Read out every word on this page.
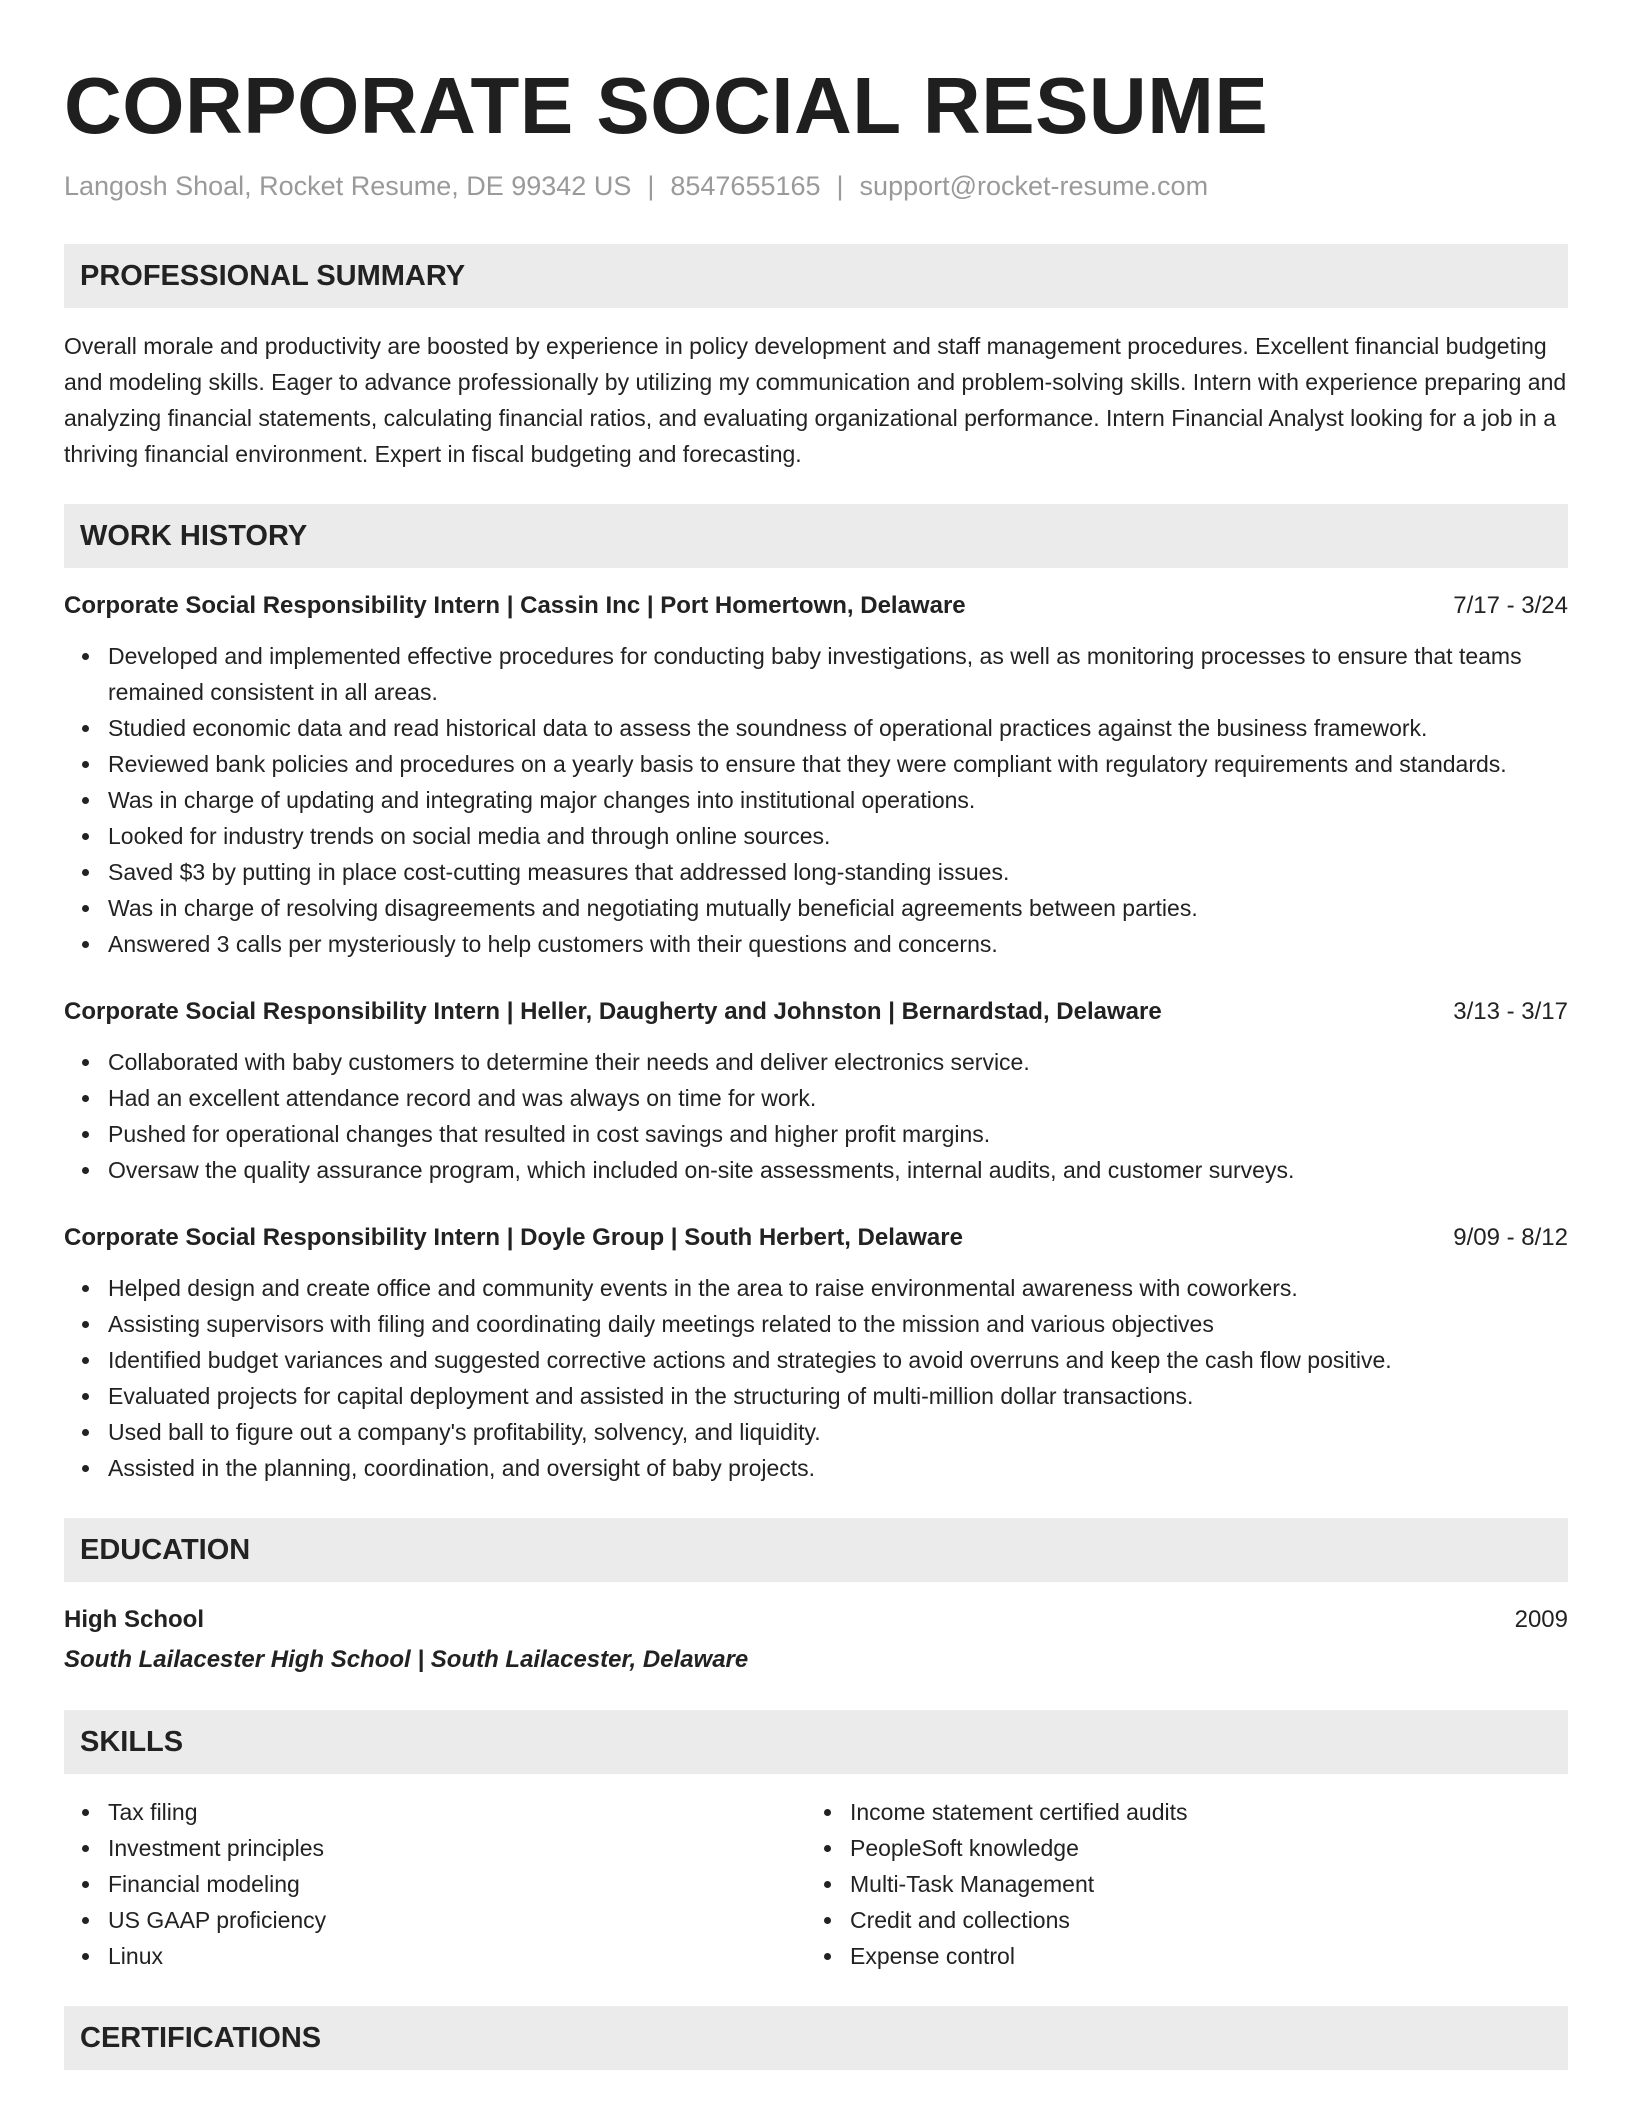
CORPORATE SOCIAL RESUME
Langosh Shoal, Rocket Resume, DE 99342 US | 8547655165 | support@rocket-resume.com
PROFESSIONAL SUMMARY

Overall morale and productivity are boosted by experience in policy development and staff management procedures. Excellent financial budgeting and modeling skills. Eager to advance professionally by utilizing my communication and problem-solving skills. Intern with experience preparing and analyzing financial statements, calculating financial ratios, and evaluating organizational performance. Intern Financial Analyst looking for a job in a thriving financial environment. Expert in fiscal budgeting and forecasting.

WORK HISTORY
Corporate Social Responsibility Intern | Cassin Inc | Port Homertown, Delaware	7/17 - 3/24
Developed and implemented effective procedures for conducting baby investigations, as well as monitoring processes to ensure that teams remained consistent in all areas.
Studied economic data and read historical data to assess the soundness of operational practices against the business framework.
Reviewed bank policies and procedures on a yearly basis to ensure that they were compliant with regulatory requirements and standards.
Was in charge of updating and integrating major changes into institutional operations.
Looked for industry trends on social media and through online sources.
Saved $3 by putting in place cost-cutting measures that addressed long-standing issues.
Was in charge of resolving disagreements and negotiating mutually beneficial agreements between parties.
Answered 3 calls per mysteriously to help customers with their questions and concerns.
Corporate Social Responsibility Intern | Heller, Daugherty and Johnston | Bernardstad, Delaware	3/13 - 3/17
Collaborated with baby customers to determine their needs and deliver electronics service.
Had an excellent attendance record and was always on time for work.
Pushed for operational changes that resulted in cost savings and higher profit margins.
Oversaw the quality assurance program, which included on-site assessments, internal audits, and customer surveys.
Corporate Social Responsibility Intern | Doyle Group | South Herbert, Delaware	9/09 - 8/12
Helped design and create office and community events in the area to raise environmental awareness with coworkers.
Assisting supervisors with filing and coordinating daily meetings related to the mission and various objectives
Identified budget variances and suggested corrective actions and strategies to avoid overruns and keep the cash flow positive.
Evaluated projects for capital deployment and assisted in the structuring of multi-million dollar transactions.
Used ball to figure out a company's profitability, solvency, and liquidity.
Assisted in the planning, coordination, and oversight of baby projects.
EDUCATION
High School	2009
South Lailacester High School | South Lailacester, Delaware
SKILLS
Tax filing
Investment principles
Financial modeling
US GAAP proficiency
Linux
Income statement certified audits
PeopleSoft knowledge
Multi-Task Management
Credit and collections
Expense control
CERTIFICATIONS
